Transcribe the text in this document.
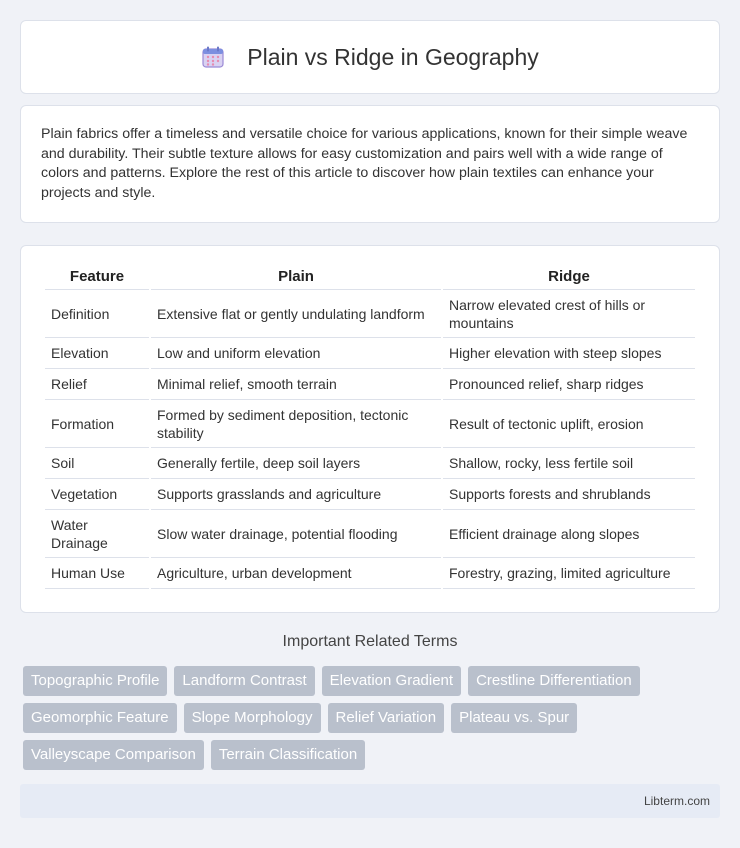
Plain vs Ridge in Geography

Plain fabrics offer a timeless and versatile choice for various applications, known for their simple weave and durability. Their subtle texture allows for easy customization and pairs well with a wide range of colors and patterns. Explore the rest of this article to discover how plain textiles can enhance your projects and style.

Feature	Plain	Ridge
Definition	Extensive flat or gently undulating landform	Narrow elevated crest of hills or mountains
Elevation	Low and uniform elevation	Higher elevation with steep slopes
Relief	Minimal relief, smooth terrain	Pronounced relief, sharp ridges
Formation	Formed by sediment deposition, tectonic stability	Result of tectonic uplift, erosion
Soil	Generally fertile, deep soil layers	Shallow, rocky, less fertile soil
Vegetation	Supports grasslands and agriculture	Supports forests and shrublands
Water Drainage	Slow water drainage, potential flooding	Efficient drainage along slopes
Human Use	Agriculture, urban development	Forestry, grazing, limited agriculture
Important Related Terms
Topographic Profile	Landform Contrast	Elevation Gradient	Crestline Differentiation
Geomorphic Feature	Slope Morphology	Relief Variation	Plateau vs. Spur
Valleyscape Comparison	Terrain Classification
Libterm.com
